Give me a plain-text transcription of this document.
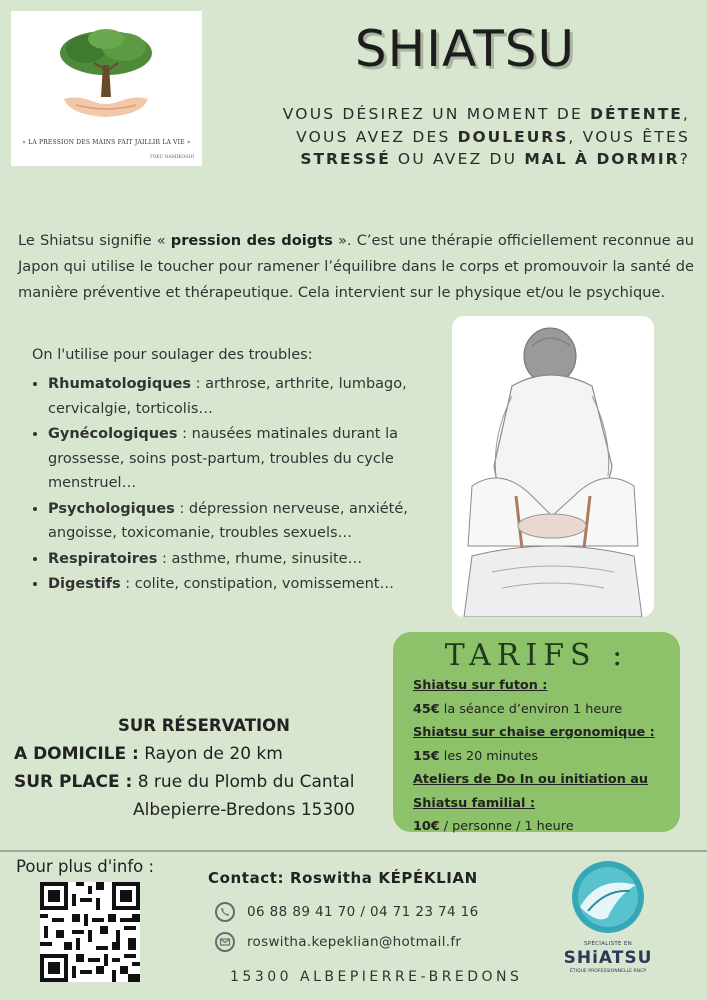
« LA PRESSION DES MAINS FAIT JAILLIR LA VIE »
TOKU NAMIKOSHI
SHIATSU
VOUS DÉSIREZ UN MOMENT DE DÉTENTE,
VOUS AVEZ DES DOULEURS, VOUS ÊTES
STRESSÉ OU AVEZ DU MAL À DORMIR?
Le Shiatsu signifie « pression des doigts ». C’est une thérapie officiellement reconnue au Japon qui utilise le toucher pour ramener l’équilibre dans le corps et promouvoir la santé de manière préventive et thérapeutique. Cela intervient sur le physique et/ou le psychique.
On l'utilise pour soulager des troubles:
• Rhumatologiques : arthrose, arthrite, lumbago, cervicalgie, torticolis…
• Gynécologiques : nausées matinales durant la grossesse, soins post-partum, troubles du cycle menstruel…
• Psychologiques : dépression nerveuse, anxiété, angoisse, toxicomanie, troubles sexuels…
• Respiratoires : asthme, rhume, sinusite…
• Digestifs : colite, constipation, vomissement…
TARIFS :
Shiatsu sur futon :
45€ la séance d’environ 1 heure
Shiatsu sur chaise ergonomique :
15€ les 20 minutes
Ateliers de Do In ou initiation au
Shiatsu familial :
10€ / personne / 1 heure
SUR RÉSERVATION
A DOMICILE : Rayon de 20 km
SUR PLACE : 8 rue du Plomb du Cantal
Albepierre-Bredons 15300
Pour plus d'info :
Contact: Roswitha KÉPÉKLIAN
06 88 89 41 70 / 04 71 23 74 16
roswitha.kepeklian@hotmail.fr
15300 ALBEPIERRE-BREDONS
SPÉCIALISTE EN
SHiATSU
ÉTIQUE PROFESSIONNELLE RNCP
